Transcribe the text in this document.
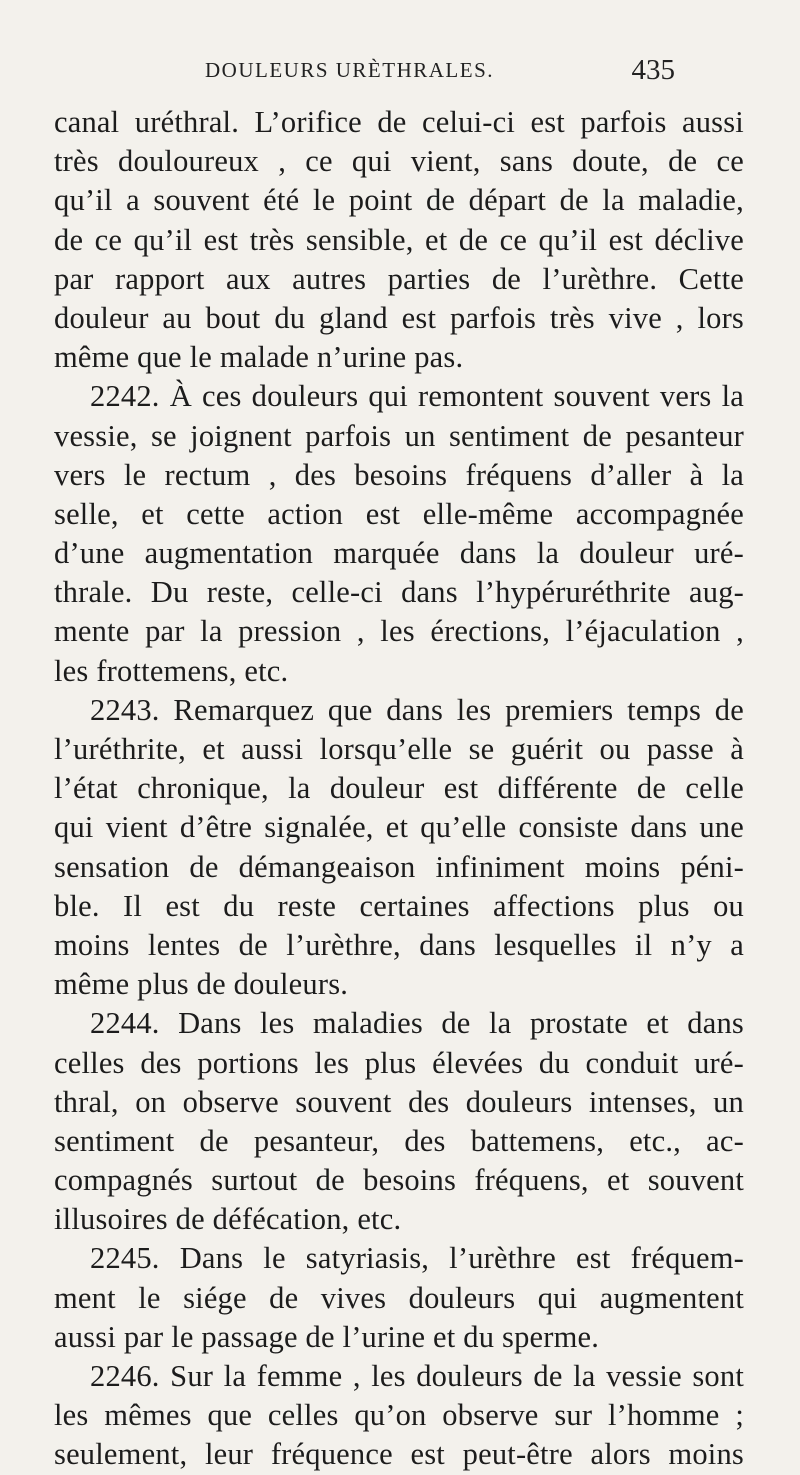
DOULEURS URÈTHRALES.	435
canal uréthral. L’orifice de celui-ci est parfois aussi
très douloureux , ce qui vient, sans doute, de ce
qu’il a souvent été le point de départ de la maladie,
de ce qu’il est très sensible, et de ce qu’il est déclive
par rapport aux autres parties de l’urèthre. Cette
douleur au bout du gland est parfois très vive , lors
même que le malade n’urine pas.
2242. À ces douleurs qui remontent souvent vers la
vessie, se joignent parfois un sentiment de pesanteur
vers le rectum , des besoins fréquens d’aller à la
selle, et cette action est elle-même accompagnée
d’une augmentation marquée dans la douleur uré-
thrale. Du reste, celle-ci dans l’hypéruréthrite aug-
mente par la pression , les érections, l’éjaculation ,
les frottemens, etc.
2243. Remarquez que dans les premiers temps de
l’uréthrite, et aussi lorsqu’elle se guérit ou passe à
l’état chronique, la douleur est différente de celle
qui vient d’être signalée, et qu’elle consiste dans une
sensation de démangeaison infiniment moins péni-
ble. Il est du reste certaines affections plus ou
moins lentes de l’urèthre, dans lesquelles il n’y a
même plus de douleurs.
2244. Dans les maladies de la prostate et dans
celles des portions les plus élevées du conduit uré-
thral, on observe souvent des douleurs intenses, un
sentiment de pesanteur, des battemens, etc., ac-
compagnés surtout de besoins fréquens, et souvent
illusoires de défécation, etc.
2245. Dans le satyriasis, l’urèthre est fréquem-
ment le siége de vives douleurs qui augmentent
aussi par le passage de l’urine et du sperme.
2246. Sur la femme , les douleurs de la vessie sont
les mêmes que celles qu’on observe sur l’homme ;
seulement, leur fréquence est peut-être alors moins
